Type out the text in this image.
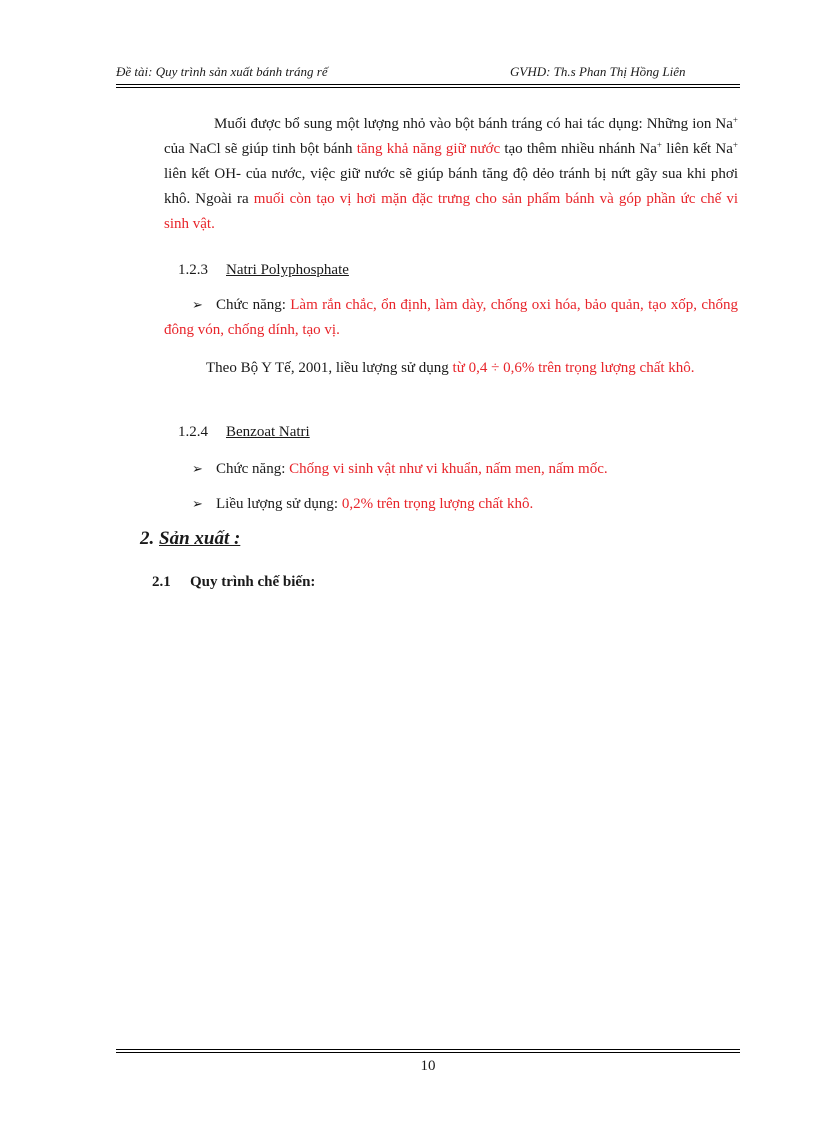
Đề tài: Quy trình sản xuất bánh tráng rế	GVHD: Th.s Phan Thị Hồng Liên

Muối được bổ sung một lượng nhỏ vào bột bánh tráng có hai tác dụng: Những ion Na+ của NaCl sẽ giúp tinh bột bánh tăng khả năng giữ nước tạo thêm nhiều nhánh Na+ liên kết Na+ liên kết OH- của nước, việc giữ nước sẽ giúp bánh tăng độ dẻo tránh bị nứt gãy sua khi phơi khô. Ngoài ra muối còn tạo vị hơi mặn đặc trưng cho sản phẩm bánh và góp phần ức chế vi sinh vật.

1.2.3 Natri Polyphosphate

➢ Chức năng: Làm rắn chắc, ổn định, làm dày, chống oxi hóa, bảo quản, tạo xốp, chống đông vón, chống dính, tạo vị.

Theo Bộ Y Tế, 2001, liều lượng sử dụng từ 0,4 ÷ 0,6% trên trọng lượng chất khô.

1.2.4 Benzoat Natri
➢ Chức năng: Chống vi sinh vật như vi khuẩn, nấm men, nấm mốc.
➢ Liều lượng sử dụng: 0,2% trên trọng lượng chất khô.
2. Sản xuất :
2.1 Quy trình chế biến:
10
